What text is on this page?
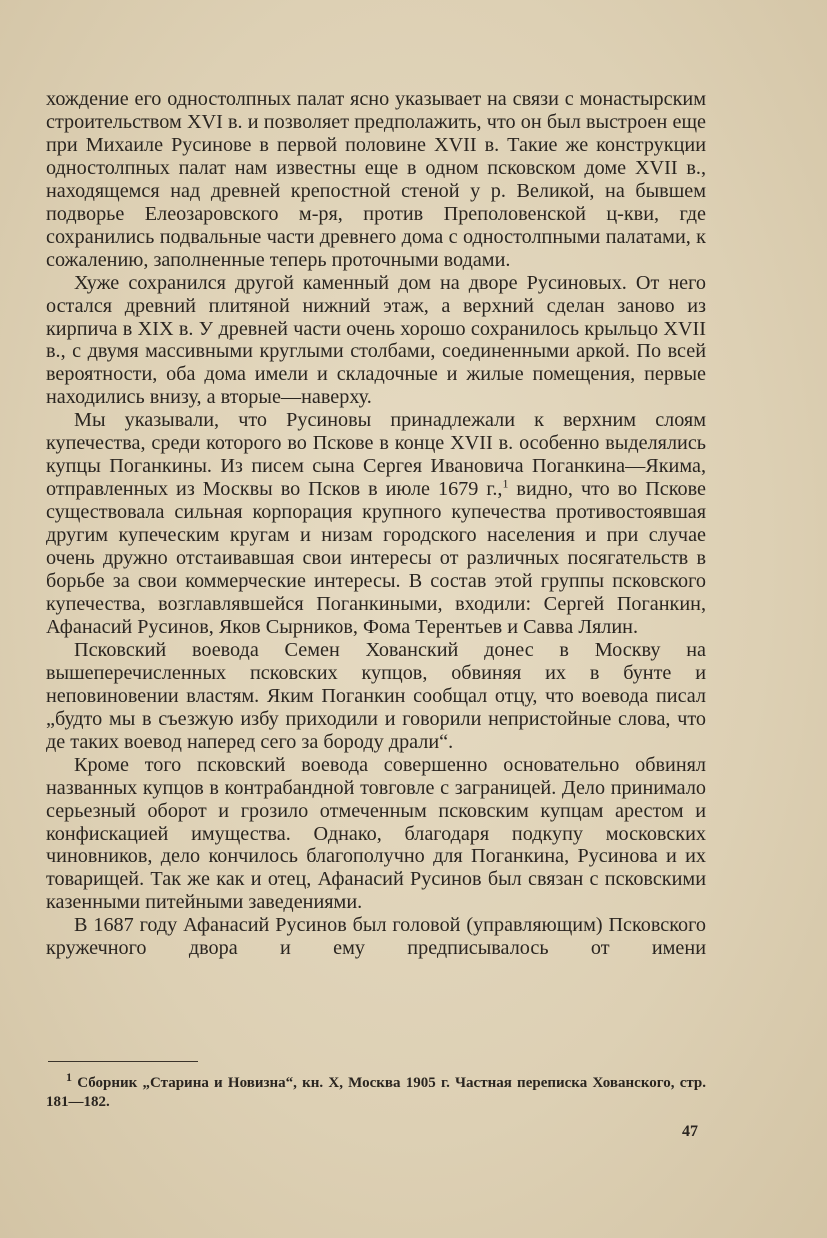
хождение его одностолпных палат ясно указывает на связи с монастырским строительством XVI в. и позволяет предполажить, что он был выстроен еще при Михаиле Русинове в первой половине XVII в. Такие же конструкции одностолпных палат нам известны еще в одном псковском доме XVII в., находящемся над древней крепостной стеной у р. Великой, на бывшем подворье Елеозаровского м-ря, против Преполовенской ц-кви, где сохранились подвальные части древнего дома с одностолпными палатами, к сожалению, заполненные теперь проточными водами.

Хуже сохранился другой каменный дом на дворе Русиновых. От него остался древний плитяной нижний этаж, а верхний сделан заново из кирпича в XIX в. У древней части очень хорошо сохранилось крыльцо XVII в., с двумя массивными круглыми столбами, соединенными аркой. По всей вероятности, оба дома имели и складочные и жилые помещения, первые находились внизу, а вторые—наверху.

Мы указывали, что Русиновы принадлежали к верхним слоям купечества, среди которого во Пскове в конце XVII в. особенно выделялись купцы Поганкины. Из писем сына Сергея Ивановича Поганкина—Якима, отправленных из Москвы во Псков в июле 1679 г.,$^1$ видно, что во Пскове существовала сильная корпорация крупного купечества противостоявшая другим купеческим кругам и низам городского населения и при случае очень дружно отстаивавшая свои интересы от различных посягательств в борьбе за свои коммерческие интересы. В состав этой группы псковского купечества, возглавлявшейся Поганкиными, входили: Сергей Поганкин, Афанасий Русинов, Яков Сырников, Фома Терентьев и Савва Лялин.

Псковский воевода Семен Хованский донес в Москву на вышеперечисленных псковских купцов, обвиняя их в бунте и неповиновении властям. Яким Поганкин сообщал отцу, что воевода писал „будто мы в съезжую избу приходили и говорили непристойные слова, что де таких воевод наперед сего за бороду драли“.

Кроме того псковский воевода совершенно основательно обвинял названных купцов в контрабандной товговле с заграницей. Дело принимало серьезный оборот и грозило отмеченным псковским купцам арестом и конфискацией имущества. Однако, благодаря подкупу московских чиновников, дело кончилось благополучно для Поганкина, Русинова и их товарищей. Так же как и отец, Афанасий Русинов был связан с псковскими казенными питейными заведениями.

В 1687 году Афанасий Русинов был головой (управляющим) Псковского кружечного двора и ему предписывалось от имени

$^1$ Сборник „Старина и Новизна“, кн. X, Москва 1905 г. Частная переписка Хованского, стр. 181—182.
47
